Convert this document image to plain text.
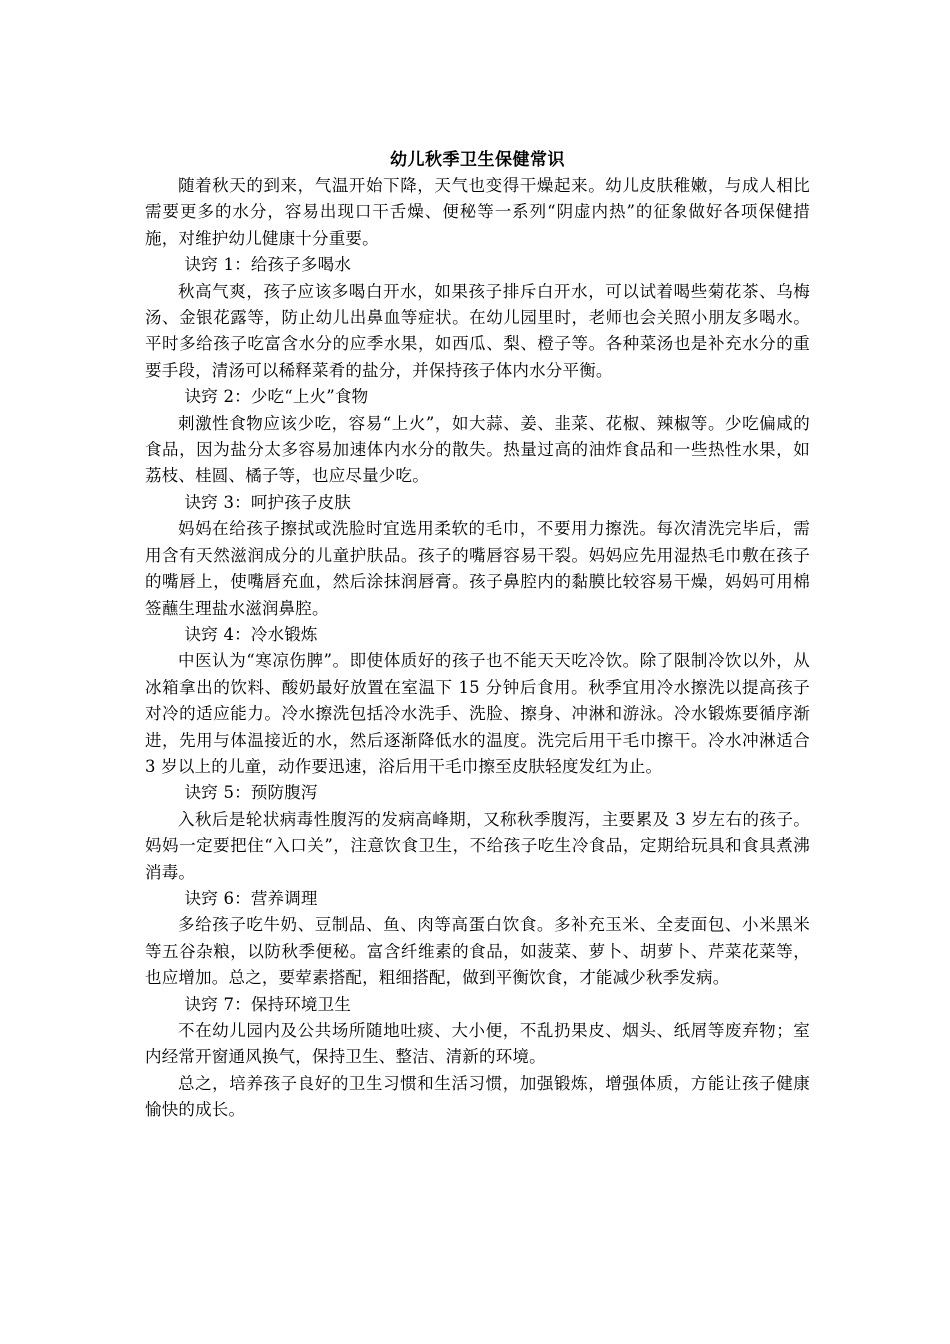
幼儿秋季卫生保健常识

随着秋天的到来，气温开始下降，天气也变得干燥起来。幼儿皮肤稚嫩，与成人相比需要更多的水分，容易出现口干舌燥、便秘等一系列“阴虚内热”的征象做好各项保健措施，对维护幼儿健康十分重要。

诀窍 1：给孩子多喝水

秋高气爽，孩子应该多喝白开水，如果孩子排斥白开水，可以试着喝些菊花茶、乌梅汤、金银花露等，防止幼儿出鼻血等症状。在幼儿园里时，老师也会关照小朋友多喝水。平时多给孩子吃富含水分的应季水果，如西瓜、梨、橙子等。各种菜汤也是补充水分的重要手段，清汤可以稀释菜肴的盐分，并保持孩子体内水分平衡。

诀窍 2：少吃“上火”食物

刺激性食物应该少吃，容易“上火”，如大蒜、姜、韭菜、花椒、辣椒等。少吃偏咸的食品，因为盐分太多容易加速体内水分的散失。热量过高的油炸食品和一些热性水果，如荔枝、桂圆、橘子等，也应尽量少吃。

诀窍 3：呵护孩子皮肤

妈妈在给孩子擦拭或洗脸时宜选用柔软的毛巾，不要用力擦洗。每次清洗完毕后，需用含有天然滋润成分的儿童护肤品。孩子的嘴唇容易干裂。妈妈应先用湿热毛巾敷在孩子的嘴唇上，使嘴唇充血，然后涂抹润唇膏。孩子鼻腔内的黏膜比较容易干燥，妈妈可用棉签蘸生理盐水滋润鼻腔。

诀窍 4：冷水锻炼

中医认为“寒凉伤脾”。即使体质好的孩子也不能天天吃冷饮。除了限制冷饮以外，从冰箱拿出的饮料、酸奶最好放置在室温下 15 分钟后食用。秋季宜用冷水擦洗以提高孩子对冷的适应能力。冷水擦洗包括冷水洗手、洗脸、擦身、冲淋和游泳。冷水锻炼要循序渐进，先用与体温接近的水，然后逐渐降低水的温度。洗完后用干毛巾擦干。冷水冲淋适合 3 岁以上的儿童，动作要迅速，浴后用干毛巾擦至皮肤轻度发红为止。

诀窍 5：预防腹泻

入秋后是轮状病毒性腹泻的发病高峰期，又称秋季腹泻，主要累及 3 岁左右的孩子。妈妈一定要把住“入口关”，注意饮食卫生，不给孩子吃生冷食品，定期给玩具和食具煮沸消毒。

诀窍 6：营养调理

多给孩子吃牛奶、豆制品、鱼、肉等高蛋白饮食。多补充玉米、全麦面包、小米黑米等五谷杂粮，以防秋季便秘。富含纤维素的食品，如菠菜、萝卜、胡萝卜、芹菜花菜等，也应增加。总之，要荤素搭配，粗细搭配，做到平衡饮食，才能减少秋季发病。

诀窍 7：保持环境卫生

不在幼儿园内及公共场所随地吐痰、大小便，不乱扔果皮、烟头、纸屑等废弃物；室内经常开窗通风换气，保持卫生、整洁、清新的环境。

总之，培养孩子良好的卫生习惯和生活习惯，加强锻炼，增强体质，方能让孩子健康愉快的成长。
